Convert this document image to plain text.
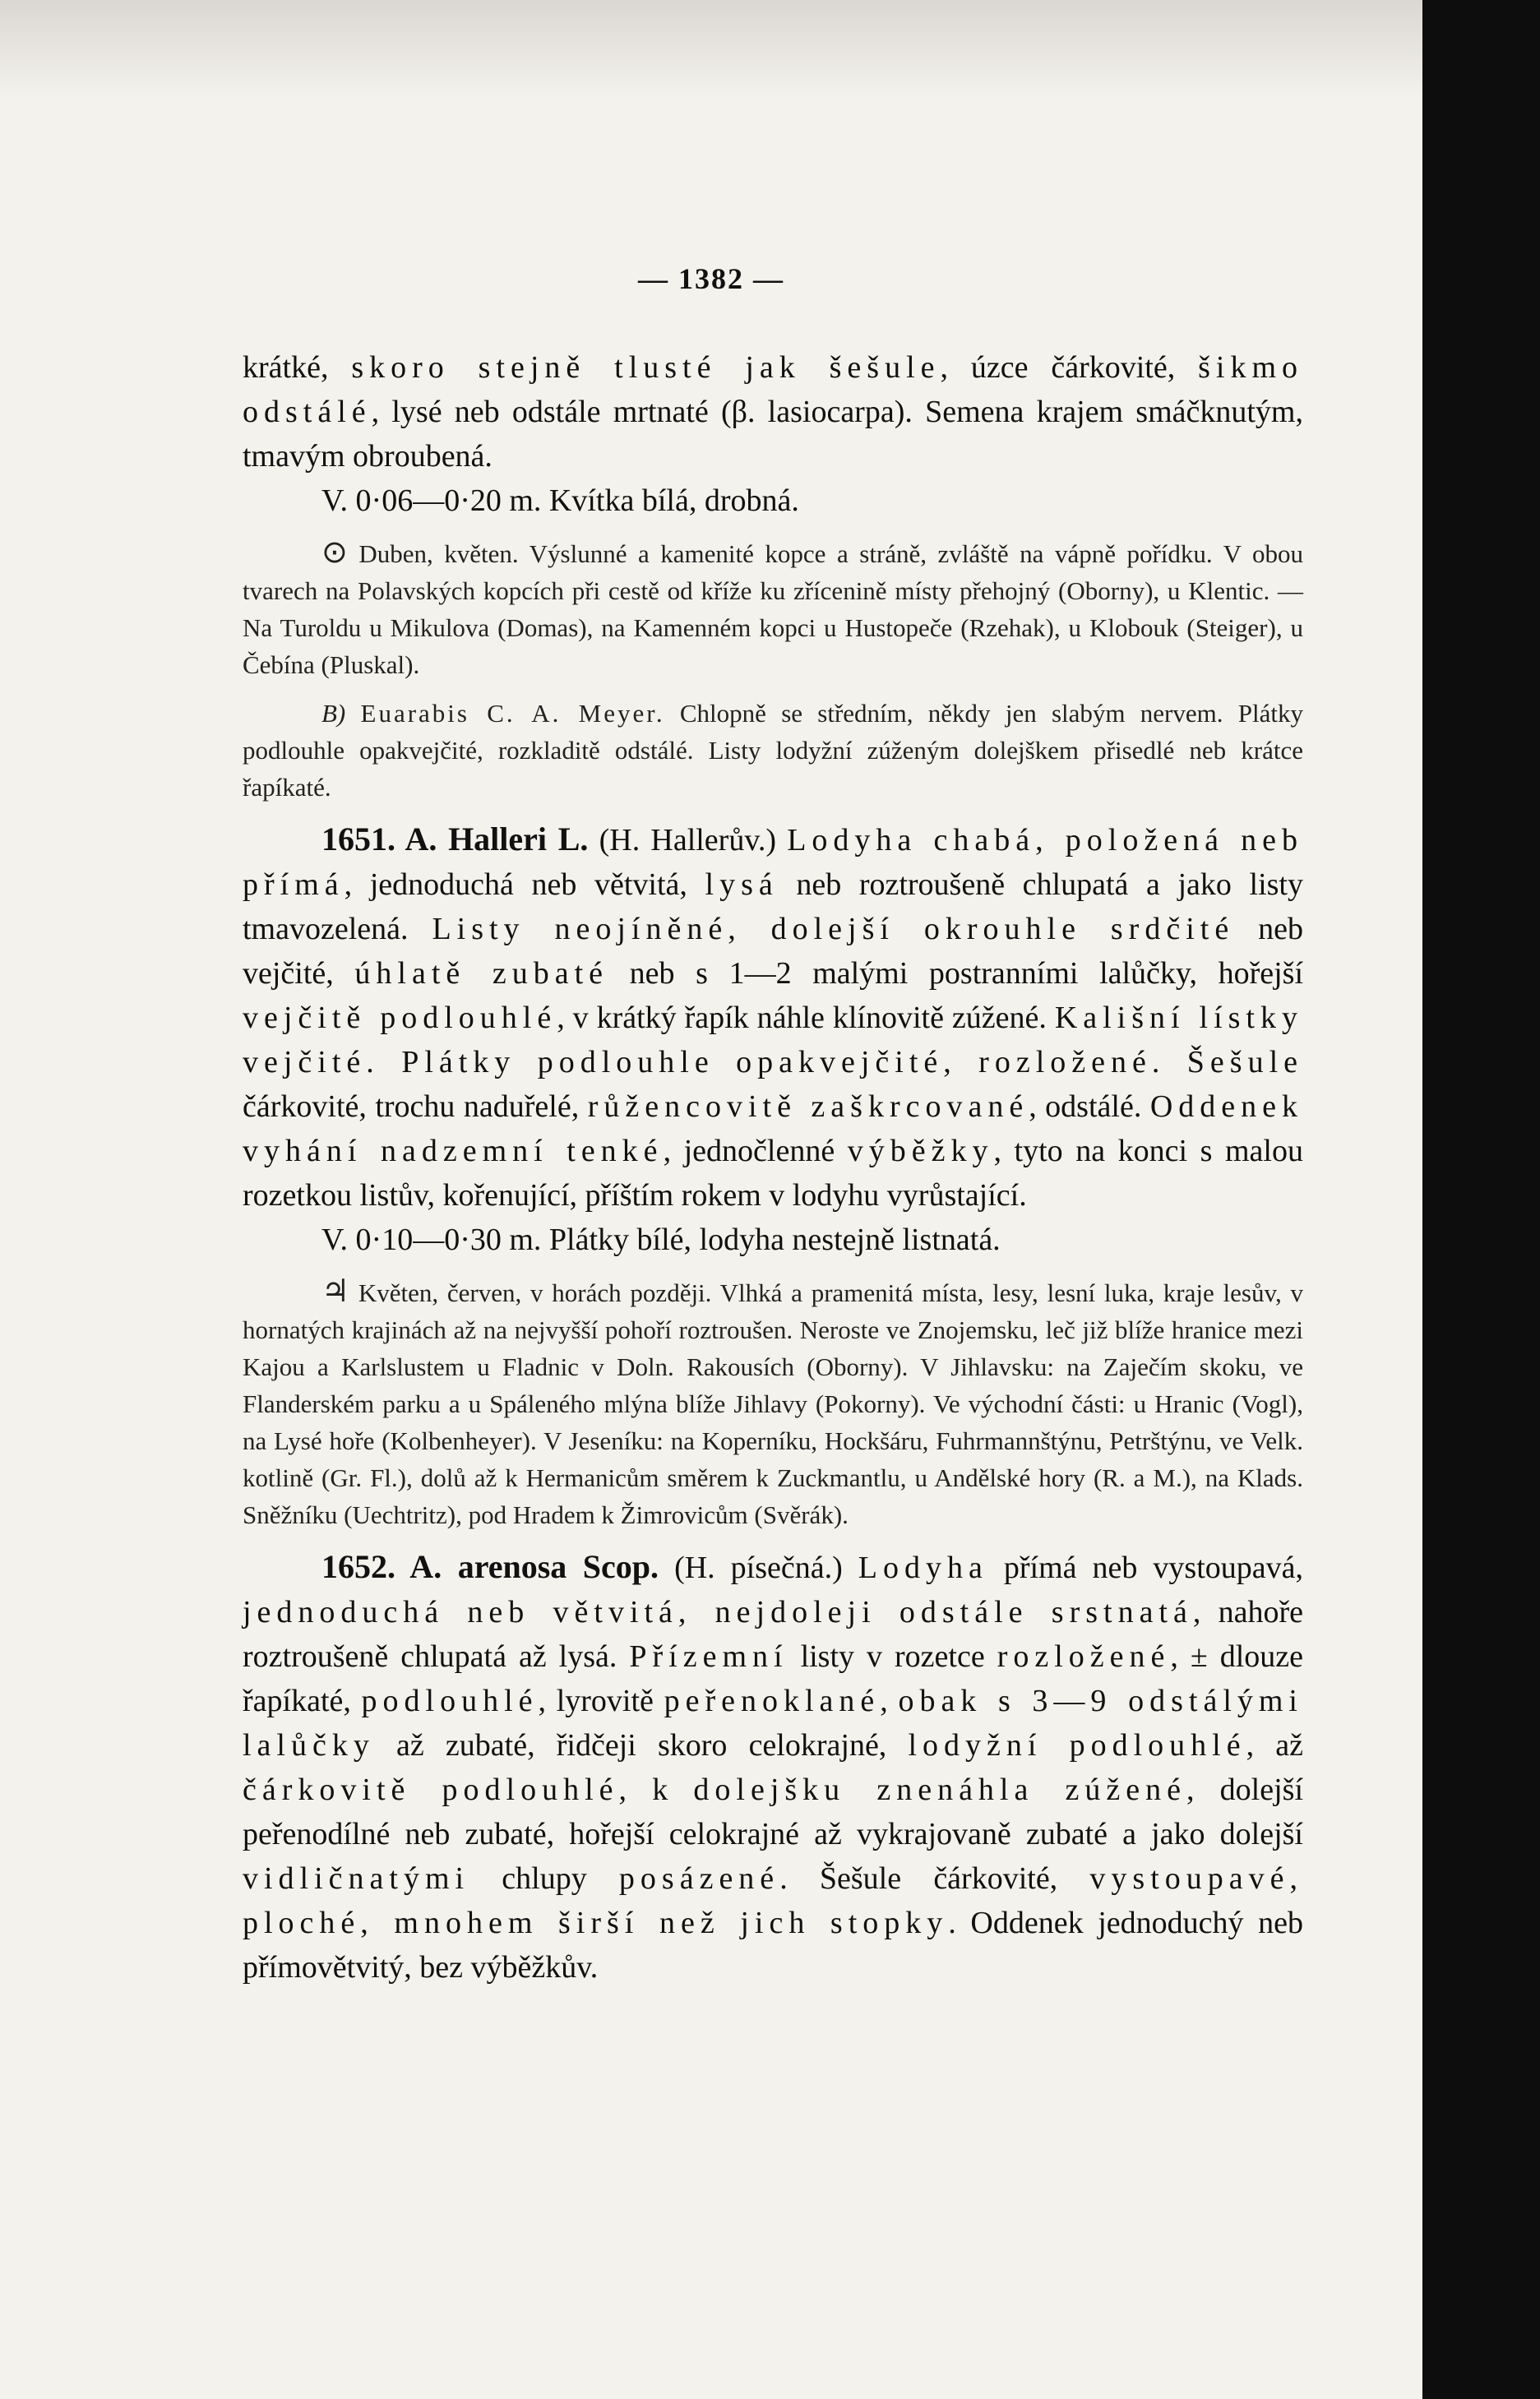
— 1382 —

krátké, skoro stejně tlusté jak šešule, úzce čárkovité, šikmo odstálé, lysé neb odstále mrtnaté (β. lasiocarpa). Semena krajem smáčknutým, tmavým obroubená.

V. 0·06—0·20 m. Kvítka bílá, drobná.

⊙ Duben, květen. Výslunné a kamenité kopce a stráně, zvláště na vápně pořídku. V obou tvarech na Polavských kopcích při cestě od kříže ku zřícenině místy přehojný (Oborny), u Klentic. — Na Turoldu u Mikulova (Domas), na Kamenném kopci u Hustopeče (Rzehak), u Klobouk (Steiger), u Čebína (Pluskal).

B) Euarabis C. A. Meyer. Chlopně se středním, někdy jen slabým nervem. Plátky podlouhle opakvejčité, rozkladitě odstálé. Listy lodyžní zúženým dolejškem přisedlé neb krátce řapíkaté.

1651. A. Halleri L. (H. Hallerův.) Lodyha chabá, položená neb přímá, jednoduchá neb větvitá, lysá neb roztroušeně chlupatá a jako listy tmavozelená. Listy neojíněné, dolejší okrouhle srdčité neb vejčité, úhlatě zubaté neb s 1—2 malými postranními lalůčky, hořejší vejčitě podlouhlé, v krátký řapík náhle klínovitě zúžené. Kališní lístky vejčité. Plátky podlouhle opakvejčité, rozložené. Šešule čárkovité, trochu naduřelé, růžencovitě zaškrcované, odstálé. Oddenek vyhání nadzemní tenké, jednočlenné výběžky, tyto na konci s malou rozetkou listův, kořenující, příštím rokem v lodyhu vyrůstající.

V. 0·10—0·30 m. Plátky bílé, lodyha nestejně listnatá.

♃ Květen, červen, v horách později. Vlhká a pramenitá místa, lesy, lesní luka, kraje lesův, v hornatých krajinách až na nejvyšší pohoří roztroušen. Neroste ve Znojemsku, leč již blíže hranice mezi Kajou a Karlslustem u Fladnic v Doln. Rakousích (Oborny). V Jihlavsku: na Zaječím skoku, ve Flanderském parku a u Spáleného mlýna blíže Jihlavy (Pokorny). Ve východní části: u Hranic (Vogl), na Lysé hoře (Kolbenheyer). V Jeseníku: na Koperníku, Hockšáru, Fuhrmannštýnu, Petrštýnu, ve Velk. kotlině (Gr. Fl.), dolů až k Hermanicům směrem k Zuckmantlu, u Andělské hory (R. a M.), na Klads. Sněžníku (Uechtritz), pod Hradem k Žimrovicům (Svěrák).

1652. A. arenosa Scop. (H. písečná.) Lodyha přímá neb vystoupavá, jednoduchá neb větvitá, nejdoleji odstále srstnatá, nahoře roztroušeně chlupatá až lysá. Přízemní listy v rozetce rozložené, ± dlouze řapíkaté, podlouhlé, lyrovitě peřenoklané, obak s 3—9 odstálými lalůčky až zubaté, řidčeji skoro celokrajné, lodyžní podlouhlé, až čárkovitě podlouhlé, k dolejšku znenáhla zúžené, dolejší peřenodílné neb zubaté, hořejší celokrajné až vykrajovaně zubaté a jako dolejší vidličnatými chlupy posázené. Šešule čárkovité, vystoupavé, ploché, mnohem širší než jich stopky. Oddenek jednoduchý neb přímovětvitý, bez výběžkův.
